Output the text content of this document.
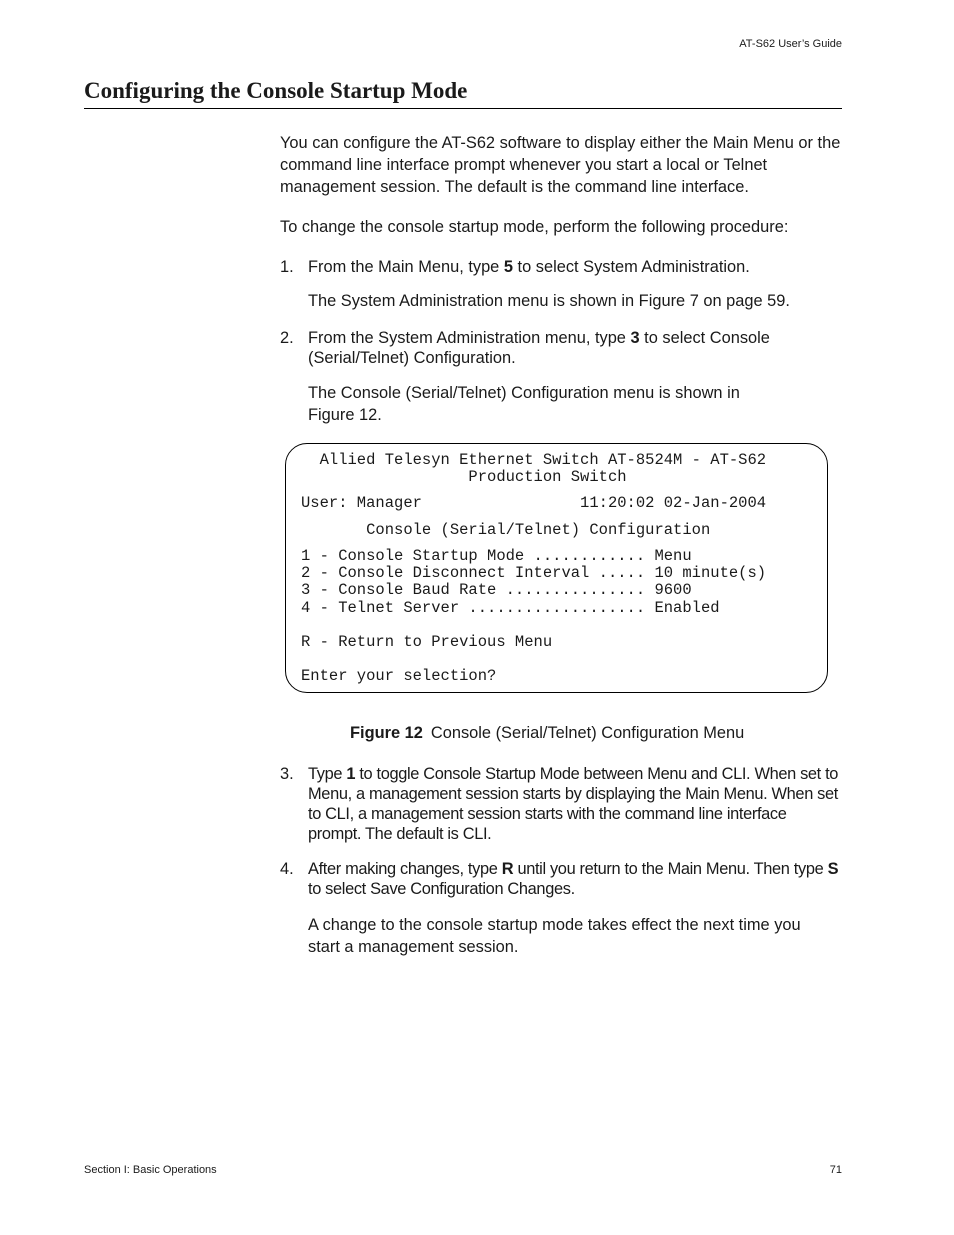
AT-S62 User’s Guide
Configuring the Console Startup Mode

You can configure the AT-S62 software to display either the Main Menu or the command line interface prompt whenever you start a local or Telnet management session. The default is the command line interface.

To change the console startup mode, perform the following procedure:

1. From the Main Menu, type 5 to select System Administration.

The System Administration menu is shown in Figure 7 on page 59.

2. From the System Administration menu, type 3 to select Console (Serial/Telnet) Configuration.

The Console (Serial/Telnet) Configuration menu is shown in Figure 12.

Allied Telesyn Ethernet Switch AT-8524M - AT-S62
Production Switch
User: Manager                 11:20:02 02-Jan-2004
Console (Serial/Telnet) Configuration
1 - Console Startup Mode ............ Menu
2 - Console Disconnect Interval ..... 10 minute(s)
3 - Console Baud Rate ............... 9600
4 - Telnet Server ................... Enabled
R - Return to Previous Menu
Enter your selection?
Figure 12 Console (Serial/Telnet) Configuration Menu
3. Type 1 to toggle Console Startup Mode between Menu and CLI. When set to Menu, a management session starts by displaying the Main Menu. When set to CLI, a management session starts with the command line interface prompt. The default is CLI.
4. After making changes, type R until you return to the Main Menu. Then type S to select Save Configuration Changes.

A change to the console startup mode takes effect the next time you start a management session.

Section I: Basic Operations	71
